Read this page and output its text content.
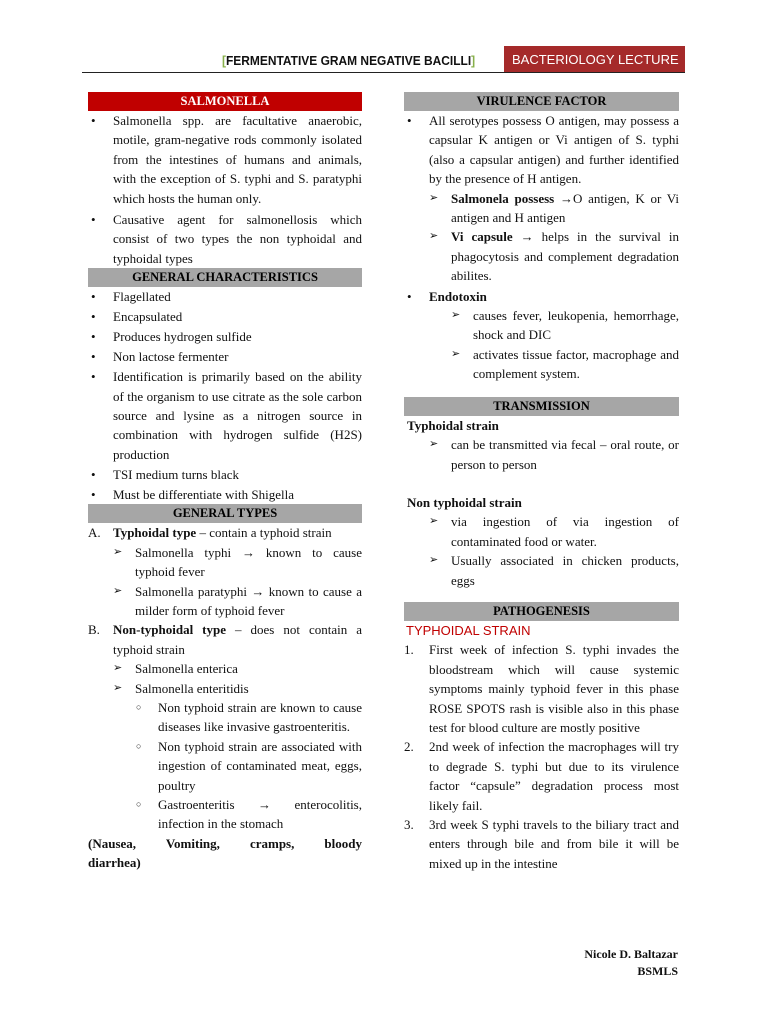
[FERMENTATIVE GRAM NEGATIVE BACILLI]	BACTERIOLOGY LECTURE
SALMONELLA
• Salmonella spp. are facultative anaerobic, motile, gram-negative rods commonly isolated from the intestines of humans and animals, with the exception of S. typhi and S. paratyphi which hosts the human only.
• Causative agent for salmonellosis which consist of two types the non typhoidal and typhoidal types
GENERAL CHARACTERISTICS
• Flagellated
• Encapsulated
• Produces hydrogen sulfide
• Non lactose fermenter
• Identification is primarily based on the ability of the organism to use citrate as the sole carbon source and lysine as a nitrogen source in combination with hydrogen sulfide (H2S) production
• TSI medium turns black
• Must be differentiate with Shigella
GENERAL TYPES
A. Typhoidal type – contain a typhoid strain
➢ Salmonella typhi → known to cause typhoid fever
➢ Salmonella paratyphi → known to cause a milder form of typhoid fever
B. Non-typhoidal type – does not contain a typhoid strain
➢ Salmonella enterica
➢ Salmonella enteritidis
○ Non typhoid strain are known to cause diseases like invasive gastroenteritis.
○ Non typhoid strain are associated with ingestion of contaminated meat, eggs, poultry
○ Gastroenteritis → enterocolitis, infection in the stomach
(Nausea, Vomiting, cramps, bloody diarrhea)
VIRULENCE FACTOR
• All serotypes possess O antigen, may possess a capsular K antigen or Vi antigen of S. typhi (also a capsular antigen) and further identified by the presence of H antigen.
➢ Salmonela possess →O antigen, K or Vi antigen and H antigen
➢ Vi capsule → helps in the survival in phagocytosis and complement degradation abilites.
• Endotoxin
➢ causes fever, leukopenia, hemorrhage, shock and DIC
➢ activates tissue factor, macrophage and complement system.
TRANSMISSION
Typhoidal strain
➢ can be transmitted via fecal – oral route, or person to person
Non typhoidal strain
➢ via ingestion of via ingestion of contaminated food or water.
➢ Usually associated in chicken products, eggs
PATHOGENESIS
TYPHOIDAL STRAIN
1. First week of infection S. typhi invades the bloodstream which will cause systemic symptoms mainly typhoid fever in this phase ROSE SPOTS rash is visible also in this phase test for blood culture are mostly positive
2. 2nd week of infection the macrophages will try to degrade S. typhi but due to its virulence factor “capsule” degradation process most likely fail.
3. 3rd week S typhi travels to the biliary tract and enters through bile and from bile it will be mixed up in the intestine
Nicole D. Baltazar
BSMLS
